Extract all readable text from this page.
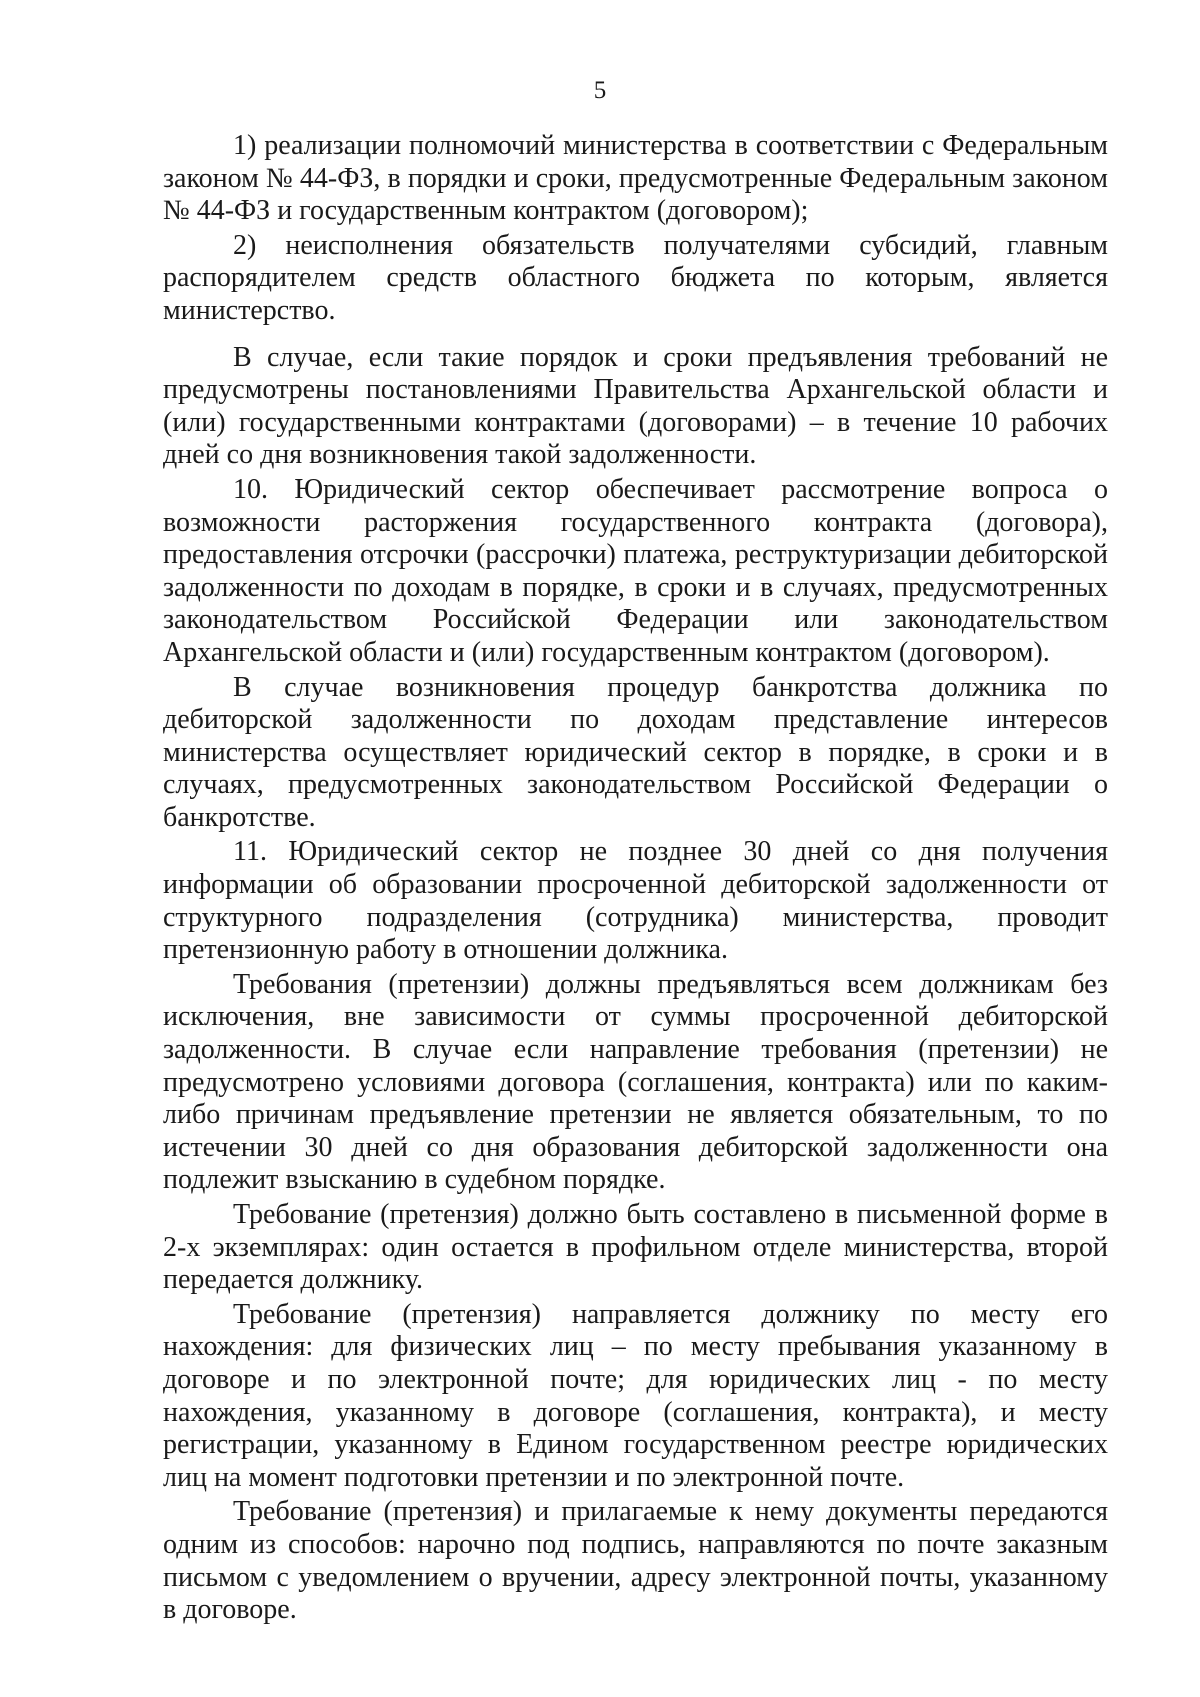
5

1) реализации полномочий министерства в соответствии с Федеральным законом № 44-ФЗ, в порядки и сроки, предусмотренные Федеральным законом № 44-ФЗ и государственным контрактом (договором);

2) неисполнения обязательств получателями субсидий, главным распорядителем средств областного бюджета по которым, является министерство.

В случае, если такие порядок и сроки предъявления требований не предусмотрены постановлениями Правительства Архангельской области и (или) государственными контрактами (договорами) – в течение 10 рабочих дней со дня возникновения такой задолженности.

10. Юридический сектор обеспечивает рассмотрение вопроса о возможности расторжения государственного контракта (договора), предоставления отсрочки (рассрочки) платежа, реструктуризации дебиторской задолженности по доходам в порядке, в сроки и в случаях, предусмотренных законодательством Российской Федерации или законодательством Архангельской области и (или) государственным контрактом (договором).

В случае возникновения процедур банкротства должника по дебиторской задолженности по доходам представление интересов министерства осуществляет юридический сектор в порядке, в сроки и в случаях, предусмотренных законодательством Российской Федерации о банкротстве.

11. Юридический сектор не позднее 30 дней со дня получения информации об образовании просроченной дебиторской задолженности от структурного подразделения (сотрудника) министерства, проводит претензионную работу в отношении должника.

Требования (претензии) должны предъявляться всем должникам без исключения, вне зависимости от суммы просроченной дебиторской задолженности. В случае если направление требования (претензии) не предусмотрено условиями договора (соглашения, контракта) или по каким-либо причинам предъявление претензии не является обязательным, то по истечении 30 дней со дня образования дебиторской задолженности она подлежит взысканию в судебном порядке.

Требование (претензия) должно быть составлено в письменной форме в 2-х экземплярах: один остается в профильном отделе министерства, второй передается должнику.

Требование (претензия) направляется должнику по месту его нахождения: для физических лиц – по месту пребывания указанному в договоре и по электронной почте; для юридических лиц - по месту нахождения, указанному в договоре (соглашения, контракта), и месту регистрации, указанному в Едином государственном реестре юридических лиц на момент подготовки претензии и по электронной почте.

Требование (претензия) и прилагаемые к нему документы передаются одним из способов: нарочно под подпись, направляются по почте заказным письмом с уведомлением о вручении, адресу электронной почты, указанному в договоре.
